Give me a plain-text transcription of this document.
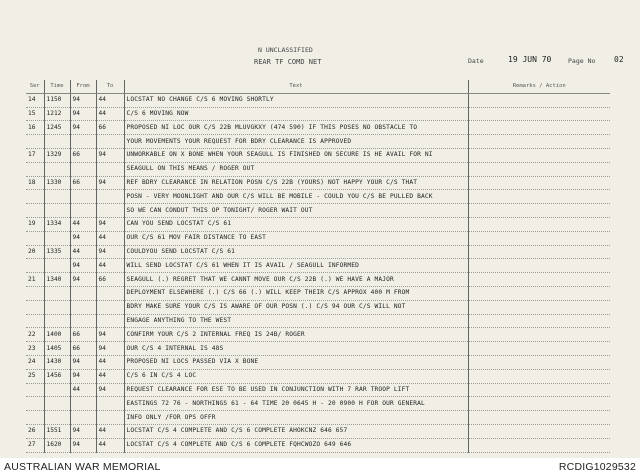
N UNCLASSIFIED
REAR TF COMD NET	Date	19 JUN 70	Page No 02
Ser	Time	From	To	Text	Remarks / Action
14	1150	94	44	LOCSTAT NO CHANGE C/S 6 MOVING SHORTLY	
15	1212	94	44	C/S 6 MOVING NOW	
16	1245	94	66	PROPOSED NI LOC OUR C/S 22B MLUVGKXY (474 590) IF THIS POSES NO OBSTACLE TO	
				YOUR MOVEMENTS YOUR REQUEST FOR BDRY CLEARANCE IS APPROVED	
17	1329	66	94	UNWORKABLE ON X BONE WHEN YOUR SEAGULL IS FINISHED ON SECURE IS HE AVAIL FOR NI	
				SEAGULL ON THIS MEANS / ROGER OUT	
18	1330	66	94	REF BDRY CLEARANCE IN RELATION POSN C/S 22B (YOURS) NOT HAPPY YOUR C/S THAT	
				POSN - VERY MOONLIGHT AND OUR C/S WILL BE MOBILE - COULD YOU C/S BE PULLED BACK	
				SO WE CAN CONDUT THIS OP TONIGHT/ ROGER WAIT OUT	
19	1334	44	94	CAN YOU SEND LOCSTAT C/S 61	
		94	44	OUR C/S 61 MOV FAIR DISTANCE TO EAST	
20	1335	44	94	COULDYOU SEND LOCSTAT C/S 61	
		94	44	WILL SEND LOCSTAT C/S 61 WHEN IT IS AVAIL / SEAGULL INFORMED	
21	1340	94	66	SEAGULL (.) REGRET THAT WE CANNT MOVE OUR C/S 22B (.) WE HAVE A MAJOR	
				DEPLOYMENT ELSEWHERE (.) C/S 66 (.) WILL KEEP THEIR C/S APPROX 400 M FROM	
				BDRY MAKE SURE YOUR C/S IS AWARE OF OUR POSN (.) C/S 94 OUR C/S WILL NOT	
				ENGAGE ANYTHING TO THE WEST	
22	1400	66	94	CONFIRM YOUR C/S 2 INTERNAL FREQ IS 24B/ ROGER	
23	1405	66	94	OUR C/S 4 INTERNAL IS 48S	
24	1430	94	44	PROPOSED NI LOCS PASSED VIA X BONE	
25	1456	94	44	C/S 6 IN C/S 4 LOC	
		44	94	REQUEST CLEARANCE FOR ESE TO BE USED IN CONJUNCTION WITH 7 RAR TROOP LIFT	
				EASTINGS 72 76 - NORTHINGS 61 - 64 TIME 20 0645 H - 20 0900 H FOR OUR GENERAL	
				INFO ONLY /FOR OPS OFFR	
26	1551	94	44	LOCSTAT C/S 4 COMPLETE AND C/S 6 COMPLETE AHOKCNZ 646 657	
27	1620	94	44	LOCSTAT C/S 4 COMPLETE AND C/S 6 COMPLETE FQHCWOZO 649 646	
AUSTRALIAN WAR MEMORIAL	RCDIG1029532
